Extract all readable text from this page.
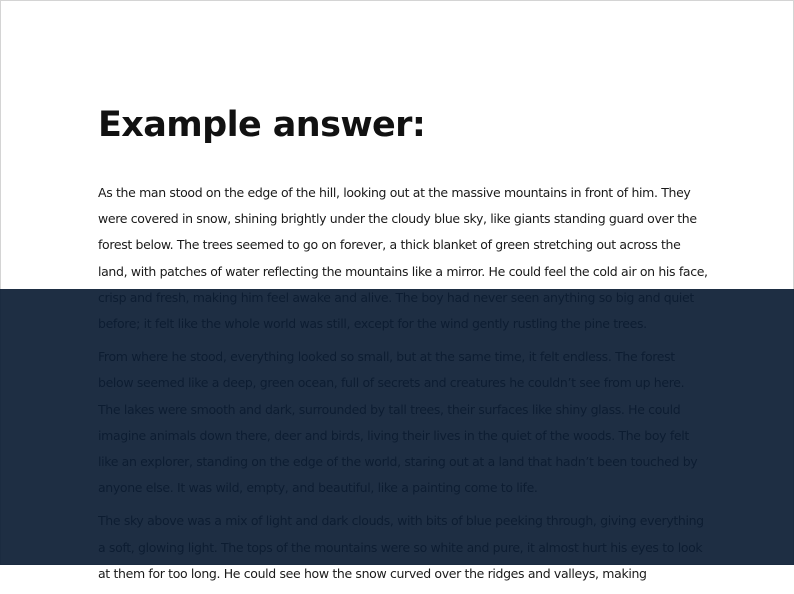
Example answer:

As the man stood on the edge of the hill, looking out at the massive mountains in front of him. They were covered in snow, shining brightly under the cloudy blue sky, like giants standing guard over the forest below. The trees seemed to go on forever, a thick blanket of green stretching out across the land, with patches of water reflecting the mountains like a mirror. He could feel the cold air on his face,

at them for too long. He could see how the snow curved over the ridges and valleys, making
